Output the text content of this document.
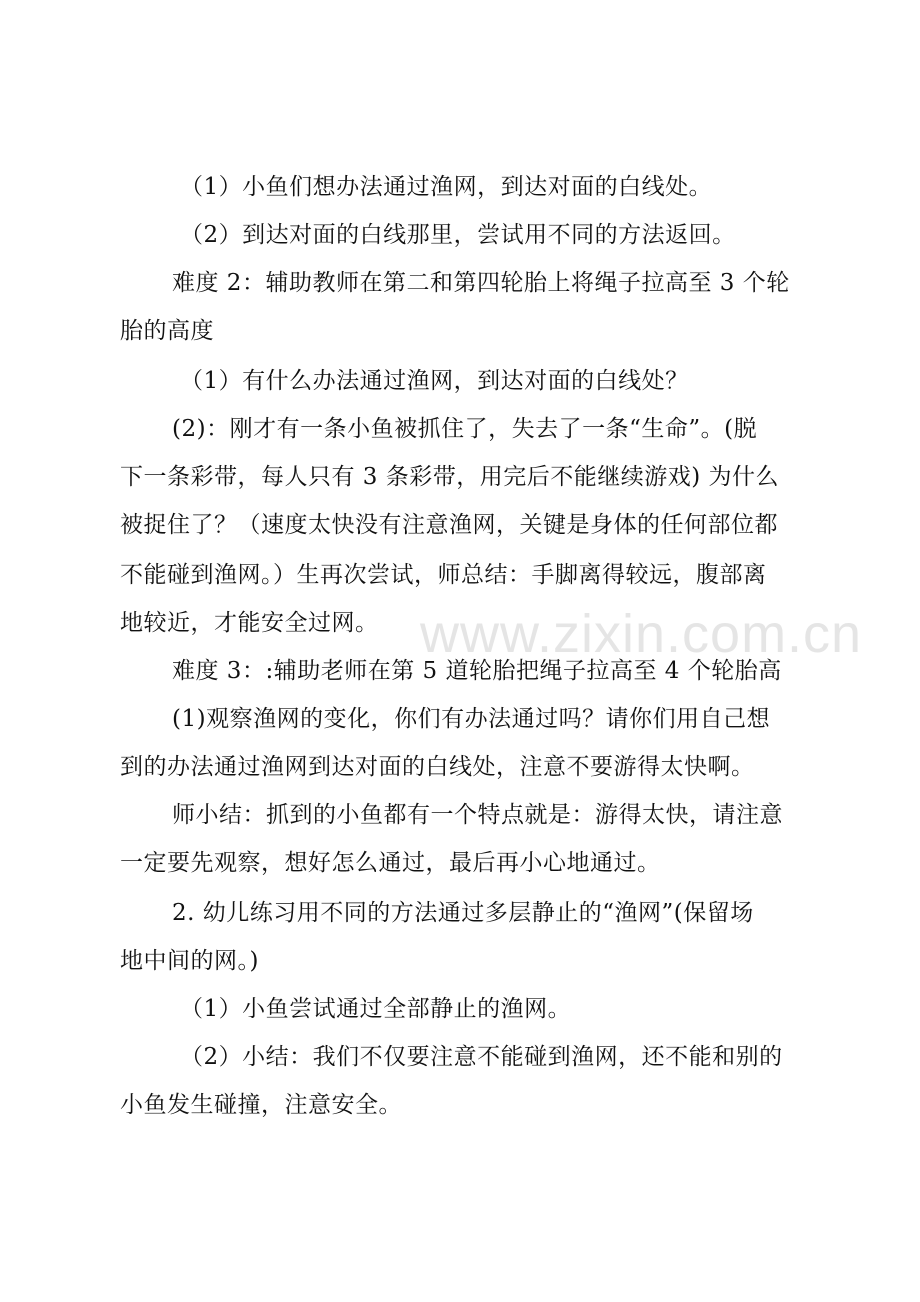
（1）小鱼们想办法通过渔网，到达对面的白线处。
（2）到达对面的白线那里，尝试用不同的方法返回。
难度 2：辅助教师在第二和第四轮胎上将绳子拉高至 3 个轮
胎的高度
（1）有什么办法通过渔网，到达对面的白线处？
(2)：刚才有一条小鱼被抓住了，失去了一条“生命”。(脱
下一条彩带，每人只有 3 条彩带，用完后不能继续游戏) 为什么
被捉住了？（速度太快没有注意渔网，关键是身体的任何部位都
不能碰到渔网。）生再次尝试，师总结：手脚离得较远，腹部离
地较近，才能安全过网。
难度 3：:辅助老师在第 5 道轮胎把绳子拉高至 4 个轮胎高
(1)观察渔网的变化，你们有办法通过吗？请你们用自己想
到的办法通过渔网到达对面的白线处，注意不要游得太快啊。
师小结：抓到的小鱼都有一个特点就是：游得太快，请注意
一定要先观察，想好怎么通过，最后再小心地通过。
2. 幼儿练习用不同的方法通过多层静止的“渔网”(保留场
地中间的网。)
（1）小鱼尝试通过全部静止的渔网。
（2）小结：我们不仅要注意不能碰到渔网，还不能和别的
小鱼发生碰撞，注意安全。
www.zixin.com.cn
